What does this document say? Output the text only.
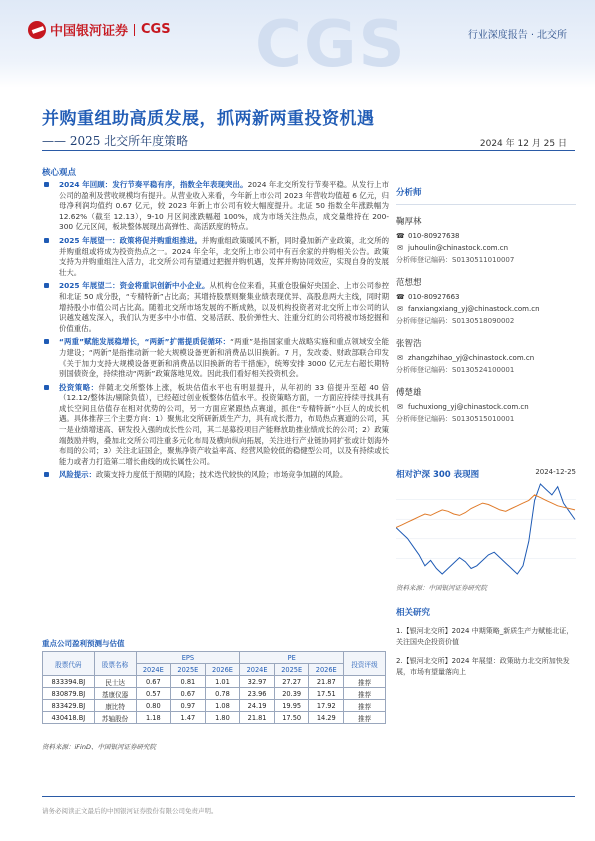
CGS
中国银河证券 CGS	行业深度报告 · 北交所
并购重组助高质发展，抓两新两重投资机遇
—— 2025 北交所年度策略	2024 年 12 月 25 日
核心观点
2024 年回顾：发行节奏平稳有序，指数全年表现突出。2024 年北交所发行节奏平稳。从发行上市公司的盈利及营收规模均有提升。从营业收入来看，今年新上市公司 2023 年营收均值超 6 亿元，归母净利润均值约 0.67 亿元，较 2023 年新上市公司有较大幅度提升。北证 50 指数全年涨跌幅为 12.62%（截至 12.13），9-10 月区间涨跌幅超 100%，成为市场关注热点，成交量维持在 200-300 亿元区间，板块整体展现出高弹性、高活跃度的特点。
2025 年展望一：政策将促并购重组推进。并购重组政策暖风不断，同时叠加新产业政策，北交所的并购重组或将成为投资热点之一。2024 年全年，北交所上市公司中有百余家的并购相关公告。政策支持为并购重组注入活力，北交所公司有望通过把握并购机遇，发挥并购协同效应，实现自身的发展壮大。
2025 年展望二：资金将重识创新中小企业。从机构仓位来看，其重仓股偏好央国企、上市公司参控和北证 50 成分股，“专精特新”占比高；其增持股票则聚集业绩表现优异、高股息两大主线，同时期增持股小市值公司占比高。随着北交所市场发展的不断成熟，以及机构投资者对北交所上市公司的认识越发越发深入，我们认为更多中小市值、交易活跃、股价弹性大、注重分红的公司将被市场挖掘和价值重估。
“两重”赋能发展稳增长，“两新”扩需提质促循环：“两重”是指国家重大战略实施和重点领域安全能力建设；“两新”是指推动新一轮大规模设备更新和消费品以旧换新。7 月，发改委、财政部联合印发《关于加力支持大规模设备更新和消费品以旧换新的若干措施》，统筹安排 3000 亿元左右超长期特别国债资金，持续推动“两新”政策落地见效。因此我们看好相关投资机会。
投资策略：伴随北交所整体上涨，板块估值水平也有明显提升，从年初的 33 倍提升至超 40 倍（12.12/整体法/剔除负值），已经超过创业板整体估值水平。投资策略方面，一方面应持续寻找具有成长空间且估值存在相对优势的公司，另一方面应紧跟热点赛道，抓住“专精特新”小巨人的成长机遇。具体推荐三个主要方向：1）聚焦北交所研新质生产力，具有成长潜力，布局热点赛道的公司，其一是业绩增速高、研发投入强的成长性公司，其二是募投项目产能释放助推业绩成长的公司；2）政策端鼓励并购，叠加北交所公司注重多元化布局及横向纵向拓展，关注进行产业链协同扩张或计划海外布局的公司；3）关注北证国企，聚焦净资产收益率高、经营风险较低的稳健型公司，以及有持续或长能力或者力打造第二增长曲线的成长属性公司。
风险提示：政策支持力度低于预期的风险；技术迭代较快的风险；市场竞争加剧的风险。
分析师
鞠厚林
☎ 010-80927638
✉ juhoulin@chinastock.com.cn
分析师登记编码：S0130511010007
范想想
☎ 010-80927663
✉ fanxiangxiang_yj@chinastock.com.cn
分析师登记编码：S0130518090002
张智浩
✉ zhangzhihao_yj@chinastock.com.cn
分析师登记编码：S0130524100001
傅楚雄
✉ fuchuxiong_yj@chinastock.com.cn
分析师登记编码：S0130515010001
相对沪深 300 表现图	2024-12-25
资料来源：中国银河证券研究院
相关研究
1.【银河北交所】2024 中期策略_新质生产力赋能北证，关注国央企投资价值
2.【银河北交所】2024 年展望：政策助力北交所加快发展，市场有望量落向上
重点公司盈利预测与估值
股票代码	股票名称	EPS			PE			投资评级
		2024E	2025E	2026E	2024E	2025E	2026E	
833394.BJ	民士达	0.67	0.81	1.01	32.97	27.27	21.87	推荐
830879.BJ	基康仪器	0.57	0.67	0.78	23.96	20.39	17.51	推荐
833429.BJ	康比特	0.80	0.97	1.08	24.19	19.95	17.92	推荐
430418.BJ	苏轴股份	1.18	1.47	1.80	21.81	17.50	14.29	推荐
资料来源：iFinD、中国银河证券研究院
请务必阅读正文最后的中国银河证券股份有限公司免责声明。
